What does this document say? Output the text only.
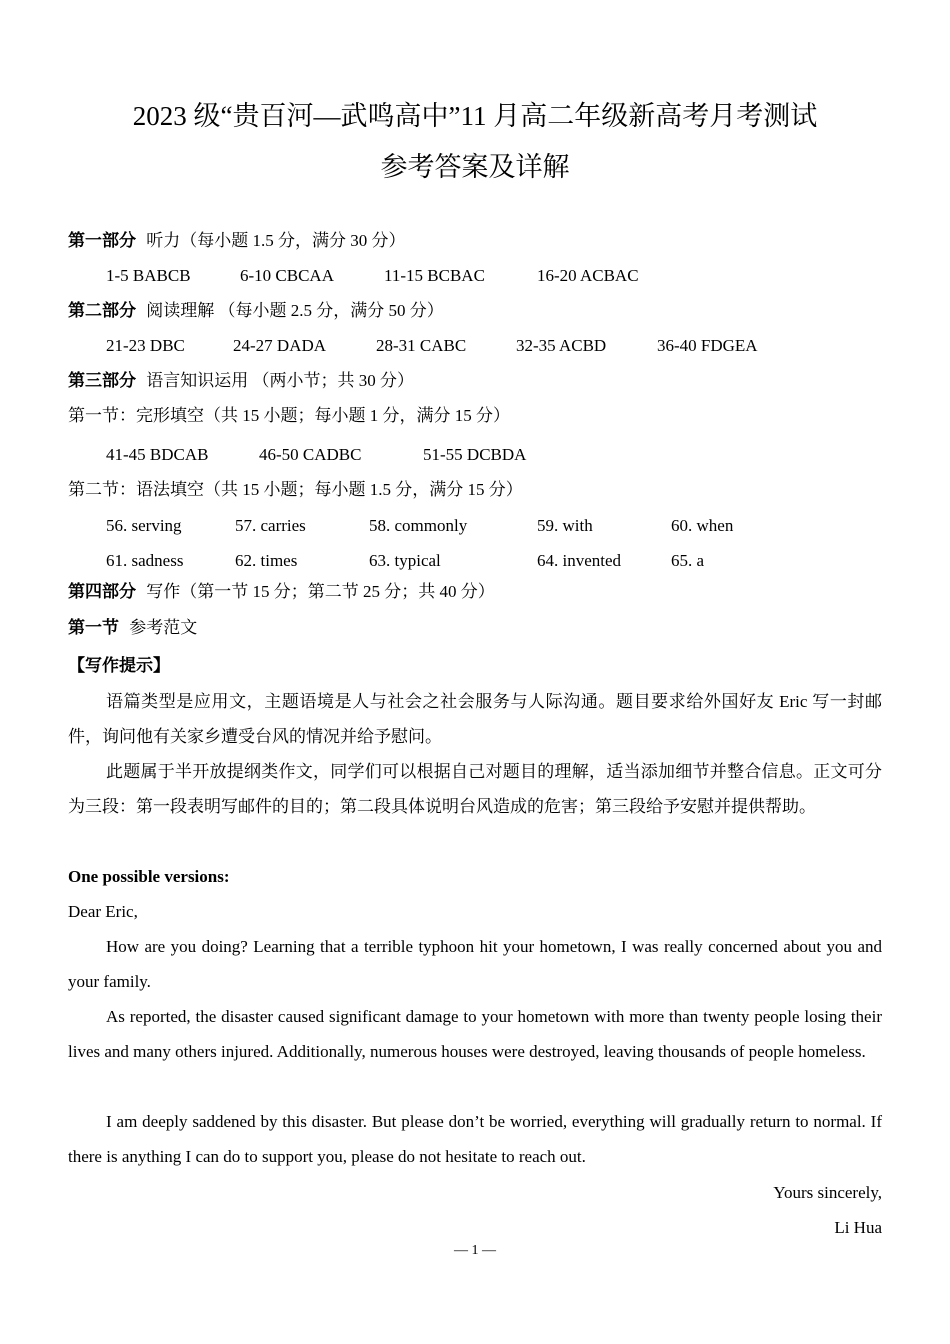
2023 级“贵百河—武鸣高中”11 月高二年级新高考月考测试
参考答案及详解
第一部分 听力（每小题 1.5 分，满分 30 分）
1-5 BABCB	6-10 CBCAA	11-15 BCBAC	16-20 ACBAC
第二部分 阅读理解 （每小题 2.5 分，满分 50 分）
21-23 DBC	24-27 DADA	28-31 CABC	32-35 ACBD	36-40 FDGEA
第三部分 语言知识运用 （两小节；共 30 分）
第一节：完形填空（共 15 小题；每小题 1 分，满分 15 分）
41-45 BDCAB	46-50 CADBC	51-55 DCBDA
第二节：语法填空（共 15 小题；每小题 1.5 分，满分 15 分）
56. serving	57. carries	58. commonly	59. with	60. when
61. sadness	62. times	63. typical	64. invented	65. a
第四部分 写作（第一节 15 分；第二节 25 分；共 40 分）
第一节 参考范文
【写作提示】
语篇类型是应用文，主题语境是人与社会之社会服务与人际沟通。题目要求给外国好友 Eric 写一封邮件，询问他有关家乡遭受台风的情况并给予慰问。
此题属于半开放提纲类作文，同学们可以根据自己对题目的理解，适当添加细节并整合信息。正文可分为三段：第一段表明写邮件的目的；第二段具体说明台风造成的危害；第三段给予安慰并提供帮助。
One possible versions:
Dear Eric,
How are you doing? Learning that a terrible typhoon hit your hometown, I was really concerned about you and your family.
As reported, the disaster caused significant damage to your hometown with more than twenty people losing their lives and many others injured. Additionally, numerous houses were destroyed, leaving thousands of people homeless.
I am deeply saddened by this disaster. But please don’t be worried, everything will gradually return to normal. If there is anything I can do to support you, please do not hesitate to reach out.
Yours sincerely,
Li Hua
— 1 —
